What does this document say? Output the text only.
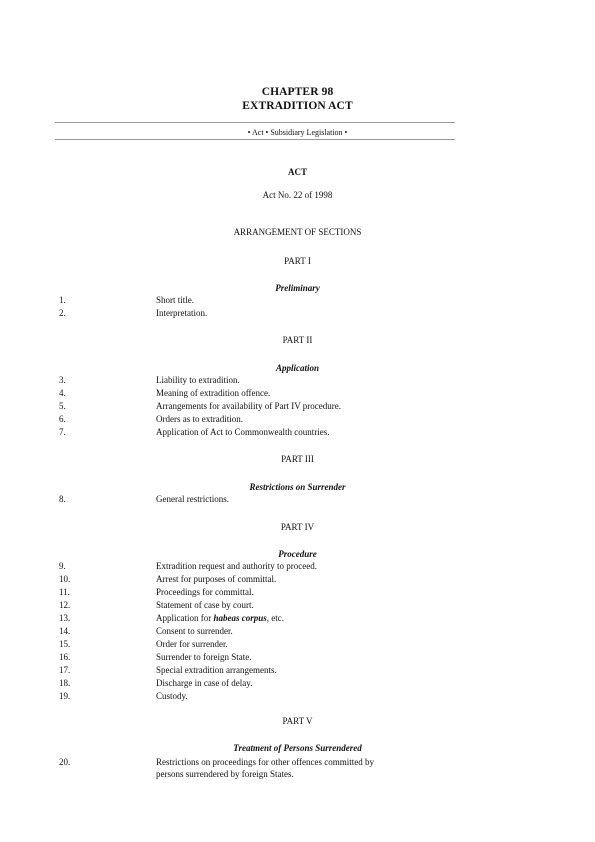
CHAPTER 98
EXTRADITION ACT
• Act • Subsidiary Legislation •
ACT
Act No. 22 of 1998
ARRANGEMENT OF SECTIONS
PART I
Preliminary
1.	Short title.
2.	Interpretation.
PART II
Application
3.	Liability to extradition.
4.	Meaning of extradition offence.
5.	Arrangements for availability of Part IV procedure.
6.	Orders as to extradition.
7.	Application of Act to Commonwealth countries.
PART III
Restrictions on Surrender
8.	General restrictions.
PART IV
Procedure
9.	Extradition request and authority to proceed.
10.	Arrest for purposes of committal.
11.	Proceedings for committal.
12.	Statement of case by court.
13.	Application for habeas corpus, etc.
14.	Consent to surrender.
15.	Order for surrender.
16.	Surrender to foreign State.
17.	Special extradition arrangements.
18.	Discharge in case of delay.
19.	Custody.
PART V
Treatment of Persons Surrendered
20.	Restrictions on proceedings for other offences committed by
persons surrendered by foreign States.
